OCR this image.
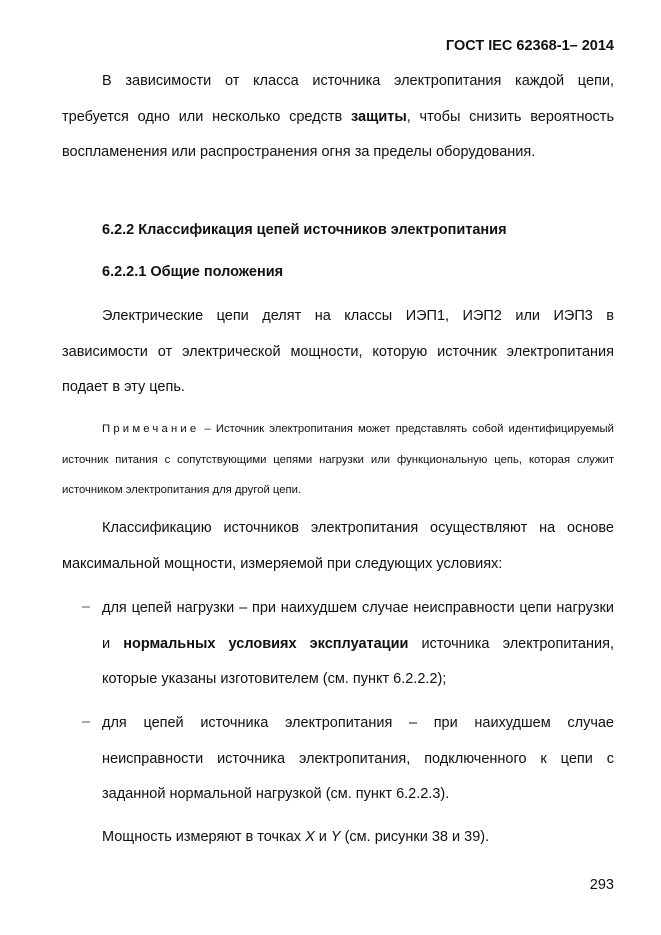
ГОСТ IEC 62368-1– 2014

В зависимости от класса источника электропитания каждой цепи, требуется одно или несколько средств защиты, чтобы снизить вероятность воспламенения или распространения огня за пределы оборудования.

6.2.2 Классификация цепей источников электропитания

6.2.2.1 Общие положения

Электрические цепи делят на классы ИЭП1, ИЭП2 или ИЭП3 в зависимости от электрической мощности, которую источник электропитания подает в эту цепь.

Примечание – Источник электропитания может представлять собой идентифицируемый источник питания с сопутствующими цепями нагрузки или функциональную цепь, которая служит источником электропитания для другой цепи.

Классификацию источников электропитания осуществляют на основе максимальной мощности, измеряемой при следующих условиях:

– для цепей нагрузки – при наихудшем случае неисправности цепи нагрузки и нормальных условиях эксплуатации источника электропитания, которые указаны изготовителем (см. пункт 6.2.2.2);

– для цепей источника электропитания – при наихудшем случае неисправности источника электропитания, подключенного к цепи с заданной нормальной нагрузкой (см. пункт 6.2.2.3).

Мощность измеряют в точках X и Y (см. рисунки 38 и 39).

293
